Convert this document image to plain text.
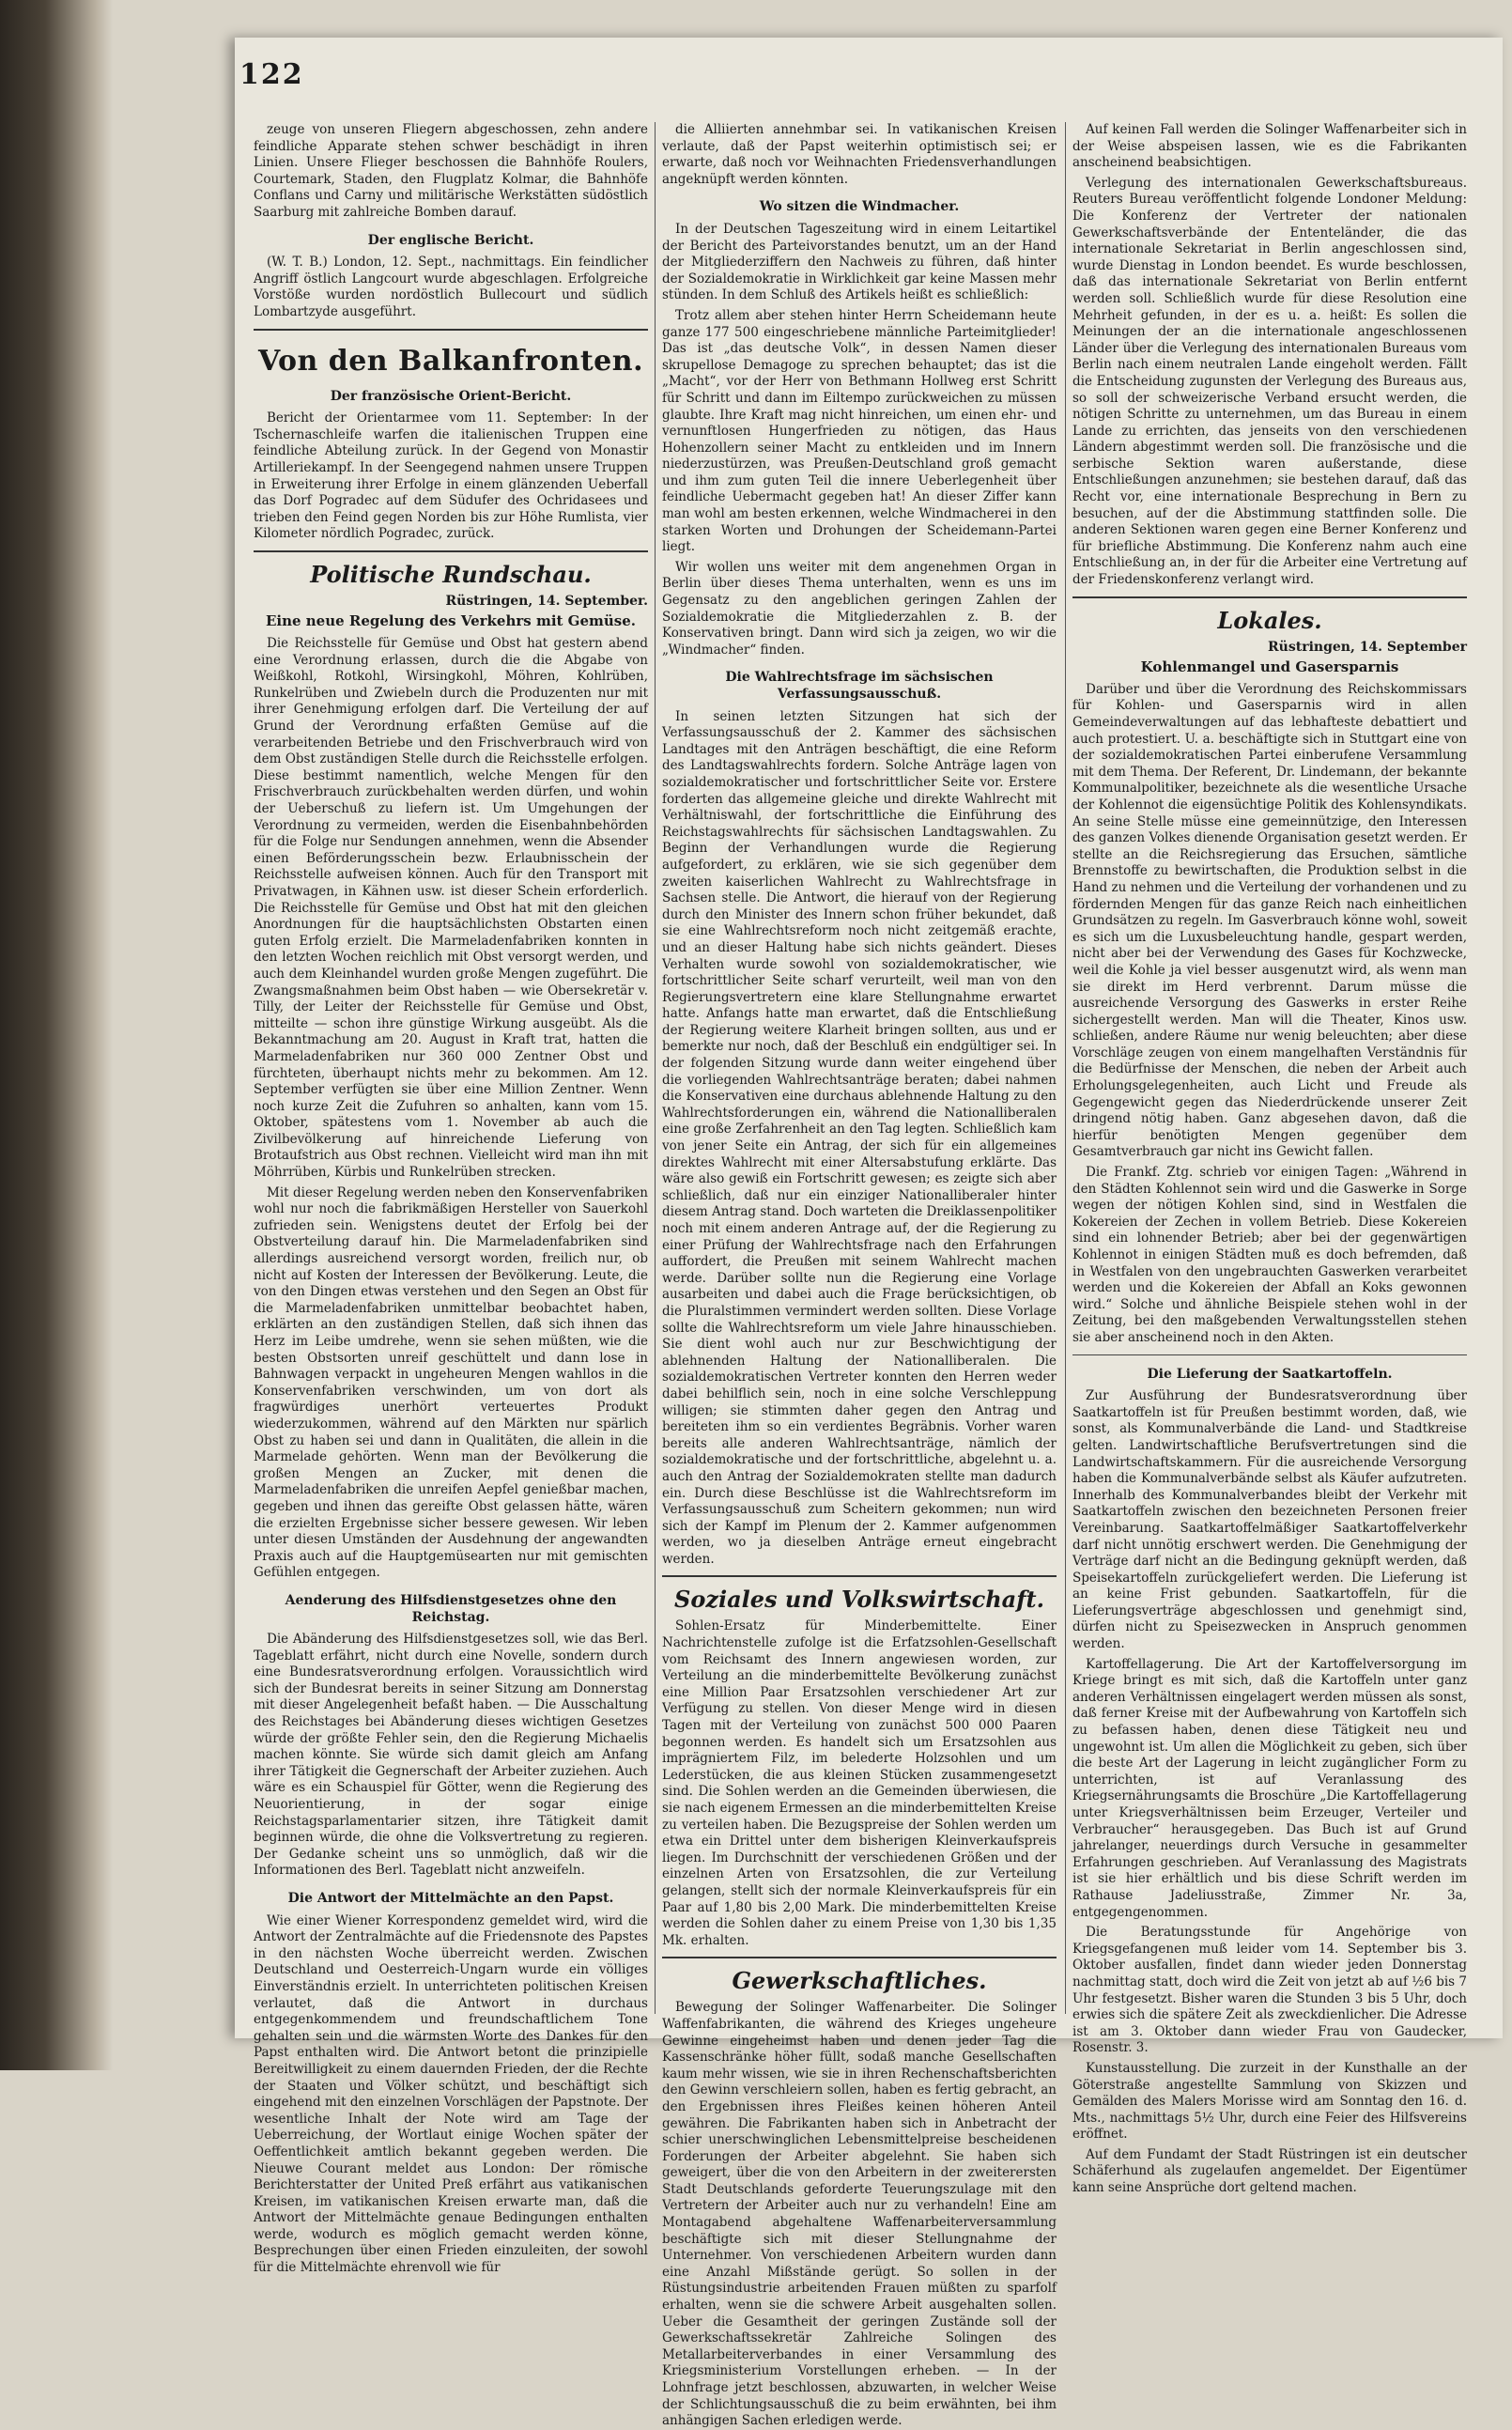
122

zeuge von unseren Fliegern abgeschossen, zehn andere feindliche Apparate stehen schwer beschädigt in ihren Linien. Unsere Flieger beschossen die Bahnhöfe Roulers, Courtemark, Staden, den Flugplatz Kolmar, die Bahnhöfe Conflans und Carny und militärische Werkstätten südöstlich Saarburg mit zahlreiche Bomben darauf.

Der englische Bericht.

(W. T. B.) London, 12. Sept., nachmittags. Ein feindlicher Angriff östlich Langcourt wurde abgeschlagen. Erfolgreiche Vorstöße wurden nordöstlich Bullecourt und südlich Lombartzyde ausgeführt.

Von den Balkanfronten.
Der französische Orient-Bericht.

Bericht der Orientarmee vom 11. September: In der Tschernaschleife warfen die italienischen Truppen eine feindliche Abteilung zurück. In der Gegend von Monastir Artilleriekampf. In der Seengegend nahmen unsere Truppen in Erweiterung ihrer Erfolge in einem glänzenden Ueberfall das Dorf Pogradec auf dem Südufer des Ochridasees und trieben den Feind gegen Norden bis zur Höhe Rumlista, vier Kilometer nördlich Pogradec, zurück.

Politische Rundschau.
Rüstringen, 14. September.
Eine neue Regelung des Verkehrs mit Gemüse.

Die Reichsstelle für Gemüse und Obst hat gestern abend eine Verordnung erlassen, durch die die Abgabe von Weißkohl, Rotkohl, Wirsingkohl, Möhren, Kohlrüben, Runkelrüben und Zwiebeln durch die Produzenten nur mit ihrer Genehmigung erfolgen darf. Die Verteilung der auf Grund der Verordnung erfaßten Gemüse auf die verarbeitenden Betriebe und den Frischverbrauch wird von dem Obst zuständigen Stelle durch die Reichsstelle erfolgen. Diese bestimmt namentlich, welche Mengen für den Frischverbrauch zurückbehalten werden dürfen, und wohin der Ueberschuß zu liefern ist. Um Umgehungen der Verordnung zu vermeiden, werden die Eisenbahnbehörden für die Folge nur Sendungen annehmen, wenn die Absender einen Beförderungsschein bezw. Erlaubnisschein der Reichsstelle aufweisen können. Auch für den Transport mit Privatwagen, in Kähnen usw. ist dieser Schein erforderlich. Die Reichsstelle für Gemüse und Obst hat mit den gleichen Anordnungen für die hauptsächlichsten Obstarten einen guten Erfolg erzielt. Die Marmeladenfabriken konnten in den letzten Wochen reichlich mit Obst versorgt werden, und auch dem Kleinhandel wurden große Mengen zugeführt. Die Zwangsmaßnahmen beim Obst haben — wie Obersekretär v. Tilly, der Leiter der Reichsstelle für Gemüse und Obst, mitteilte — schon ihre günstige Wirkung ausgeübt. Als die Bekanntmachung am 20. August in Kraft trat, hatten die Marmeladenfabriken nur 360 000 Zentner Obst und fürchteten, überhaupt nichts mehr zu bekommen. Am 12. September verfügten sie über eine Million Zentner. Wenn noch kurze Zeit die Zufuhren so anhalten, kann vom 15. Oktober, spätestens vom 1. November ab auch die Zivilbevölkerung auf hinreichende Lieferung von Brotaufstrich aus Obst rechnen. Vielleicht wird man ihn mit Möhrrüben, Kürbis und Runkelrüben strecken.

Mit dieser Regelung werden neben den Konservenfabriken wohl nur noch die fabrikmäßigen Hersteller von Sauerkohl zufrieden sein. Wenigstens deutet der Erfolg bei der Obstverteilung darauf hin. Die Marmeladenfabriken sind allerdings ausreichend versorgt worden, freilich nur, ob nicht auf Kosten der Interessen der Bevölkerung. Leute, die von den Dingen etwas verstehen und den Segen an Obst für die Marmeladenfabriken unmittelbar beobachtet haben, erklärten an den zuständigen Stellen, daß sich ihnen das Herz im Leibe umdrehe, wenn sie sehen müßten, wie die besten Obstsorten unreif geschüttelt und dann lose in Bahnwagen verpackt in ungeheuren Mengen wahllos in die Konservenfabriken verschwinden, um von dort als fragwürdiges unerhört verteuertes Produkt wiederzukommen, während auf den Märkten nur spärlich Obst zu haben sei und dann in Qualitäten, die allein in die Marmelade gehörten. Wenn man der Bevölkerung die großen Mengen an Zucker, mit denen die Marmeladenfabriken die unreifen Aepfel genießbar machen, gegeben und ihnen das gereifte Obst gelassen hätte, wären die erzielten Ergebnisse sicher bessere gewesen. Wir leben unter diesen Umständen der Ausdehnung der angewandten Praxis auch auf die Hauptgemüsearten nur mit gemischten Gefühlen entgegen.

Aenderung des Hilfsdienstgesetzes ohne den Reichstag.

Die Abänderung des Hilfsdienstgesetzes soll, wie das Berl. Tageblatt erfährt, nicht durch eine Novelle, sondern durch eine Bundesratsverordnung erfolgen. Voraussichtlich wird sich der Bundesrat bereits in seiner Sitzung am Donnerstag mit dieser Angelegenheit befaßt haben. — Die Ausschaltung des Reichstages bei Abänderung dieses wichtigen Gesetzes würde der größte Fehler sein, den die Regierung Michaelis machen könnte. Sie würde sich damit gleich am Anfang ihrer Tätigkeit die Gegnerschaft der Arbeiter zuziehen. Auch wäre es ein Schauspiel für Götter, wenn die Regierung des Neuorientierung, in der sogar einige Reichstagsparlamentarier sitzen, ihre Tätigkeit damit beginnen würde, die ohne die Volksvertretung zu regieren. Der Gedanke scheint uns so unmöglich, daß wir die Informationen des Berl. Tageblatt nicht anzweifeln.

Die Antwort der Mittelmächte an den Papst.

Wie einer Wiener Korrespondenz gemeldet wird, wird die Antwort der Zentralmächte auf die Friedensnote des Papstes in den nächsten Woche überreicht werden. Zwischen Deutschland und Oesterreich-Ungarn wurde ein völliges Einverständnis erzielt. In unterrichteten politischen Kreisen verlautet, daß die Antwort in durchaus entgegenkommendem und freundschaftlichem Tone gehalten sein und die wärmsten Worte des Dankes für den Papst enthalten wird. Die Antwort betont die prinzipielle Bereitwilligkeit zu einem dauernden Frieden, der die Rechte der Staaten und Völker schützt, und beschäftigt sich eingehend mit den einzelnen Vorschlägen der Papstnote. Der wesentliche Inhalt der Note wird am Tage der Ueberreichung, der Wortlaut einige Wochen später der Oeffentlichkeit amtlich bekannt gegeben werden. Die Nieuwe Courant meldet aus London: Der römische Berichterstatter der United Preß erfährt aus vatikanischen Kreisen, im vatikanischen Kreisen erwarte man, daß die Antwort der Mittelmächte genaue Bedingungen enthalten werde, wodurch es möglich gemacht werden könne, Besprechungen über einen Frieden einzuleiten, der sowohl für die Mittelmächte ehrenvoll wie für

die Alliierten annehmbar sei. In vatikanischen Kreisen verlaute, daß der Papst weiterhin optimistisch sei; er erwarte, daß noch vor Weihnachten Friedensverhandlungen angeknüpft werden könnten.

Wo sitzen die Windmacher.

In der Deutschen Tageszeitung wird in einem Leitartikel der Bericht des Parteivorstandes benutzt, um an der Hand der Mitgliederziffern den Nachweis zu führen, daß hinter der Sozialdemokratie in Wirklichkeit gar keine Massen mehr stünden. In dem Schluß des Artikels heißt es schließlich:

Trotz allem aber stehen hinter Herrn Scheidemann heute ganze 177 500 eingeschriebene männliche Parteimitglieder! Das ist „das deutsche Volk“, in dessen Namen dieser skrupellose Demagoge zu sprechen behauptet; das ist die „Macht“, vor der Herr von Bethmann Hollweg erst Schritt für Schritt und dann im Eiltempo zurückweichen zu müssen glaubte. Ihre Kraft mag nicht hinreichen, um einen ehr- und vernunftlosen Hungerfrieden zu nötigen, das Haus Hohenzollern seiner Macht zu entkleiden und im Innern niederzustürzen, was Preußen-Deutschland groß gemacht und ihm zum guten Teil die innere Ueberlegenheit über feindliche Uebermacht gegeben hat! An dieser Ziffer kann man wohl am besten erkennen, welche Windmacherei in den starken Worten und Drohungen der Scheidemann-Partei liegt.

Wir wollen uns weiter mit dem angenehmen Organ in Berlin über dieses Thema unterhalten, wenn es uns im Gegensatz zu den angeblichen geringen Zahlen der Sozialdemokratie die Mitgliederzahlen z. B. der Konservativen bringt. Dann wird sich ja zeigen, wo wir die „Windmacher“ finden.

Die Wahlrechtsfrage im sächsischen Verfassungsausschuß.

In seinen letzten Sitzungen hat sich der Verfassungsausschuß der 2. Kammer des sächsischen Landtages mit den Anträgen beschäftigt, die eine Reform des Landtagswahlrechts fordern. Solche Anträge lagen von sozialdemokratischer und fortschrittlicher Seite vor. Erstere forderten das allgemeine gleiche und direkte Wahlrecht mit Verhältniswahl, der fortschrittliche die Einführung des Reichstagswahlrechts für sächsischen Landtagswahlen. Zu Beginn der Verhandlungen wurde die Regierung aufgefordert, zu erklären, wie sie sich gegenüber dem zweiten kaiserlichen Wahlrecht zu Wahlrechtsfrage in Sachsen stelle. Die Antwort, die hierauf von der Regierung durch den Minister des Innern schon früher bekundet, daß sie eine Wahlrechtsreform noch nicht zeitgemäß erachte, und an dieser Haltung habe sich nichts geändert. Dieses Verhalten wurde sowohl von sozialdemokratischer, wie fortschrittlicher Seite scharf verurteilt, weil man von den Regierungsvertretern eine klare Stellungnahme erwartet hatte. Anfangs hatte man erwartet, daß die Entschließung der Regierung weitere Klarheit bringen sollten, aus und er bemerkte nur noch, daß der Beschluß ein endgültiger sei. In der folgenden Sitzung wurde dann weiter eingehend über die vorliegenden Wahlrechtsanträge beraten; dabei nahmen die Konservativen eine durchaus ablehnende Haltung zu den Wahlrechtsforderungen ein, während die Nationalliberalen eine große Zerfahrenheit an den Tag legten. Schließlich kam von jener Seite ein Antrag, der sich für ein allgemeines direktes Wahlrecht mit einer Altersabstufung erklärte. Das wäre also gewiß ein Fortschritt gewesen; es zeigte sich aber schließlich, daß nur ein einziger Nationalliberaler hinter diesem Antrag stand. Doch warteten die Dreiklassenpolitiker noch mit einem anderen Antrage auf, der die Regierung zu einer Prüfung der Wahlrechtsfrage nach den Erfahrungen auffordert, die Preußen mit seinem Wahlrecht machen werde. Darüber sollte nun die Regierung eine Vorlage ausarbeiten und dabei auch die Frage berücksichtigen, ob die Pluralstimmen vermindert werden sollten. Diese Vorlage sollte die Wahlrechtsreform um viele Jahre hinausschieben. Sie dient wohl auch nur zur Beschwichtigung der ablehnenden Haltung der Nationalliberalen. Die sozialdemokratischen Vertreter konnten den Herren weder dabei behilflich sein, noch in eine solche Verschleppung willigen; sie stimmten daher gegen den Antrag und bereiteten ihm so ein verdientes Begräbnis. Vorher waren bereits alle anderen Wahlrechtsanträge, nämlich der sozialdemokratische und der fortschrittliche, abgelehnt u. a. auch den Antrag der Sozialdemokraten stellte man dadurch ein. Durch diese Beschlüsse ist die Wahlrechtsreform im Verfassungsausschuß zum Scheitern gekommen; nun wird sich der Kampf im Plenum der 2. Kammer aufgenommen werden, wo ja dieselben Anträge erneut eingebracht werden.

Soziales und Volkswirtschaft.

Sohlen-Ersatz für Minderbemittelte. Einer Nachrichtenstelle zufolge ist die Erfatzsohlen-Gesellschaft vom Reichsamt des Innern angewiesen worden, zur Verteilung an die minderbemittelte Bevölkerung zunächst eine Million Paar Ersatzsohlen verschiedener Art zur Verfügung zu stellen. Von dieser Menge wird in diesen Tagen mit der Verteilung von zunächst 500 000 Paaren begonnen werden. Es handelt sich um Ersatzsohlen aus imprägniertem Filz, im belederte Holzsohlen und um Lederstücken, die aus kleinen Stücken zusammengesetzt sind. Die Sohlen werden an die Gemeinden überwiesen, die sie nach eigenem Ermessen an die minderbemittelten Kreise zu verteilen haben. Die Bezugspreise der Sohlen werden um etwa ein Drittel unter dem bisherigen Kleinverkaufspreis liegen. Im Durchschnitt der verschiedenen Größen und der einzelnen Arten von Ersatzsohlen, die zur Verteilung gelangen, stellt sich der normale Kleinverkaufspreis für ein Paar auf 1,80 bis 2,00 Mark. Die minderbemittelten Kreise werden die Sohlen daher zu einem Preise von 1,30 bis 1,35 Mk. erhalten.

Gewerkschaftliches.

Bewegung der Solinger Waffenarbeiter. Die Solinger Waffenfabrikanten, die während des Krieges ungeheure Gewinne eingeheimst haben und denen jeder Tag die Kassenschränke höher füllt, sodaß manche Gesellschaften kaum mehr wissen, wie sie in ihren Rechenschaftsberichten den Gewinn verschleiern sollen, haben es fertig gebracht, an den Ergebnissen ihres Fleißes keinen höheren Anteil gewähren. Die Fabrikanten haben sich in Anbetracht der schier unerschwinglichen Lebensmittelpreise bescheidenen Forderungen der Arbeiter abgelehnt. Sie haben sich geweigert, über die von den Arbeitern in der zweiterersten Stadt Deutschlands geforderte Teuerungszulage mit den Vertretern der Arbeiter auch nur zu verhandeln! Eine am Montagabend abgehaltene Waffenarbeiterversammlung beschäftigte sich mit dieser Stellungnahme der Unternehmer. Von verschiedenen Arbeitern wurden dann eine Anzahl Mißstände gerügt. So sollen in der Rüstungsindustrie arbeitenden Frauen müßten zu sparfolf erhalten, wenn sie die schwere Arbeit ausgehalten sollen. Ueber die Gesamtheit der geringen Zustände soll der Gewerkschaftssekretär Zahlreiche Solingen des Metallarbeiterverbandes in einer Versammlung des Kriegsministerium Vorstellungen erheben. — In der Lohnfrage jetzt beschlossen, abzuwarten, in welcher Weise der Schlichtungsausschuß die zu beim erwähnten, bei ihm anhängigen Sachen erledigen werde.

Auf keinen Fall werden die Solinger Waffenarbeiter sich in der Weise abspeisen lassen, wie es die Fabrikanten anscheinend beabsichtigen.

Verlegung des internationalen Gewerkschaftsbureaus. Reuters Bureau veröffentlicht folgende Londoner Meldung: Die Konferenz der Vertreter der nationalen Gewerkschaftsverbände der Ententeländer, die das internationale Sekretariat in Berlin angeschlossen sind, wurde Dienstag in London beendet. Es wurde beschlossen, daß das internationale Sekretariat von Berlin entfernt werden soll. Schließlich wurde für diese Resolution eine Mehrheit gefunden, in der es u. a. heißt: Es sollen die Meinungen der an die internationale angeschlossenen Länder über die Verlegung des internationalen Bureaus vom Berlin nach einem neutralen Lande eingeholt werden. Fällt die Entscheidung zugunsten der Verlegung des Bureaus aus, so soll der schweizerische Verband ersucht werden, die nötigen Schritte zu unternehmen, um das Bureau in einem Lande zu errichten, das jenseits von den verschiedenen Ländern abgestimmt werden soll. Die französische und die serbische Sektion waren außerstande, diese Entschließungen anzunehmen; sie bestehen darauf, daß das Recht vor, eine internationale Besprechung in Bern zu besuchen, auf der die Abstimmung stattfinden solle. Die anderen Sektionen waren gegen eine Berner Konferenz und für briefliche Abstimmung. Die Konferenz nahm auch eine Entschließung an, in der für die Arbeiter eine Vertretung auf der Friedenskonferenz verlangt wird.

Lokales.
Rüstringen, 14. September
Kohlenmangel und Gasersparnis

Darüber und über die Verordnung des Reichskommissars für Kohlen- und Gasersparnis wird in allen Gemeindeverwaltungen auf das lebhafteste debattiert und auch protestiert. U. a. beschäftigte sich in Stuttgart eine von der sozialdemokratischen Partei einberufene Versammlung mit dem Thema. Der Referent, Dr. Lindemann, der bekannte Kommunalpolitiker, bezeichnete als die wesentliche Ursache der Kohlennot die eigensüchtige Politik des Kohlensyndikats. An seine Stelle müsse eine gemeinnützige, den Interessen des ganzen Volkes dienende Organisation gesetzt werden. Er stellte an die Reichsregierung das Ersuchen, sämtliche Brennstoffe zu bewirtschaften, die Produktion selbst in die Hand zu nehmen und die Verteilung der vorhandenen und zu fördernden Mengen für das ganze Reich nach einheitlichen Grundsätzen zu regeln. Im Gasverbrauch könne wohl, soweit es sich um die Luxusbeleuchtung handle, gespart werden, nicht aber bei der Verwendung des Gases für Kochzwecke, weil die Kohle ja viel besser ausgenutzt wird, als wenn man sie direkt im Herd verbrennt. Darum müsse die ausreichende Versorgung des Gaswerks in erster Reihe sichergestellt werden. Man will die Theater, Kinos usw. schließen, andere Räume nur wenig beleuchten; aber diese Vorschläge zeugen von einem mangelhaften Verständnis für die Bedürfnisse der Menschen, die neben der Arbeit auch Erholungsgelegenheiten, auch Licht und Freude als Gegengewicht gegen das Niederdrückende unserer Zeit dringend nötig haben. Ganz abgesehen davon, daß die hierfür benötigten Mengen gegenüber dem Gesamtverbrauch gar nicht ins Gewicht fallen.

Die Frankf. Ztg. schrieb vor einigen Tagen: „Während in den Städten Kohlennot sein wird und die Gaswerke in Sorge wegen der nötigen Kohlen sind, sind in Westfalen die Kokereien der Zechen in vollem Betrieb. Diese Kokereien sind ein lohnender Betrieb; aber bei der gegenwärtigen Kohlennot in einigen Städten muß es doch befremden, daß in Westfalen von den ungebrauchten Gaswerken verarbeitet werden und die Kokereien der Abfall an Koks gewonnen wird.“ Solche und ähnliche Beispiele stehen wohl in der Zeitung, bei den maßgebenden Verwaltungsstellen stehen sie aber anscheinend noch in den Akten.

Die Lieferung der Saatkartoffeln.

Zur Ausführung der Bundesratsverordnung über Saatkartoffeln ist für Preußen bestimmt worden, daß, wie sonst, als Kommunalverbände die Land- und Stadtkreise gelten. Landwirtschaftliche Berufsvertretungen sind die Landwirtschaftskammern. Für die ausreichende Versorgung haben die Kommunalverbände selbst als Käufer aufzutreten. Innerhalb des Kommunalverbandes bleibt der Verkehr mit Saatkartoffeln zwischen den bezeichneten Personen freier Vereinbarung. Saatkartoffelmäßiger Saatkartoffelverkehr darf nicht unnötig erschwert werden. Die Genehmigung der Verträge darf nicht an die Bedingung geknüpft werden, daß Speisekartoffeln zurückgeliefert werden. Die Lieferung ist an keine Frist gebunden. Saatkartoffeln, für die Lieferungsverträge abgeschlossen und genehmigt sind, dürfen nicht zu Speisezwecken in Anspruch genommen werden.

Kartoffellagerung. Die Art der Kartoffelversorgung im Kriege bringt es mit sich, daß die Kartoffeln unter ganz anderen Verhältnissen eingelagert werden müssen als sonst, daß ferner Kreise mit der Aufbewahrung von Kartoffeln sich zu befassen haben, denen diese Tätigkeit neu und ungewohnt ist. Um allen die Möglichkeit zu geben, sich über die beste Art der Lagerung in leicht zugänglicher Form zu unterrichten, ist auf Veranlassung des Kriegsernährungsamts die Broschüre „Die Kartoffellagerung unter Kriegsverhältnissen beim Erzeuger, Verteiler und Verbraucher“ herausgegeben. Das Buch ist auf Grund jahrelanger, neuerdings durch Versuche in gesammelter Erfahrungen geschrieben. Auf Veranlassung des Magistrats ist sie hier erhältlich und bis diese Schrift werden im Rathause Jadeliusstraße, Zimmer Nr. 3a, entgegengenommen.

Die Beratungsstunde für Angehörige von Kriegsgefangenen muß leider vom 14. September bis 3. Oktober ausfallen, findet dann wieder jeden Donnerstag nachmittag statt, doch wird die Zeit von jetzt ab auf ½6 bis 7 Uhr festgesetzt. Bisher waren die Stunden 3 bis 5 Uhr, doch erwies sich die spätere Zeit als zweckdienlicher. Die Adresse ist am 3. Oktober dann wieder Frau von Gaudecker, Rosenstr. 3.

Kunstausstellung. Die zurzeit in der Kunsthalle an der Göterstraße angestellte Sammlung von Skizzen und Gemälden des Malers Morisse wird am Sonntag den 16. d. Mts., nachmittags 5½ Uhr, durch eine Feier des Hilfsvereins eröffnet.

Auf dem Fundamt der Stadt Rüstringen ist ein deutscher Schäferhund als zugelaufen angemeldet. Der Eigentümer kann seine Ansprüche dort geltend machen.
